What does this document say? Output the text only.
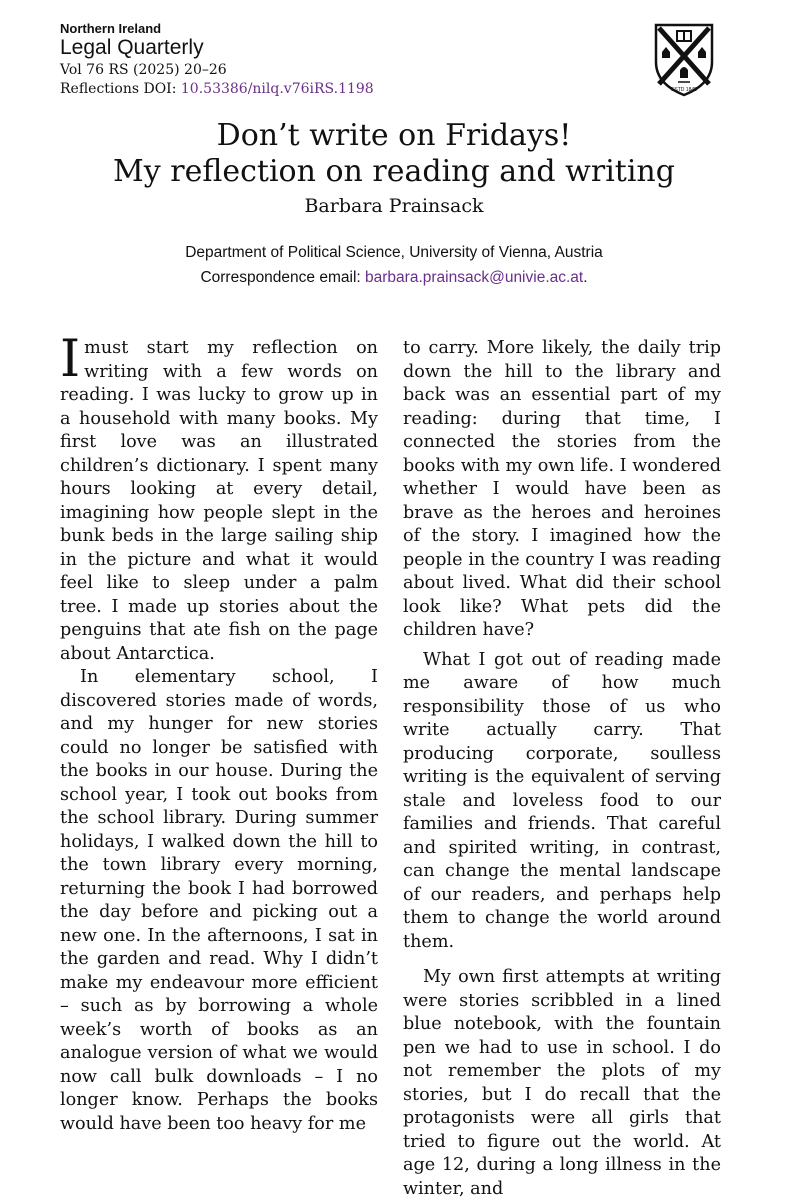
Northern Ireland
Legal Quarterly
Vol 76 RS (2025) 20–26
Reflections DOI: 10.53386/nilq.v76iRS.1198	ESTD 1845
Don’t write on Fridays!
My reflection on reading and writing
Barbara Prainsack
Department of Political Science, University of Vienna, Austria
Correspondence email: barbara.prainsack@univie.ac.at.

Imust start my reflection on writing with a few words on reading. I was lucky to grow up in a household with many books. My first love was an illustrated children’s dictionary. I spent many hours looking at every detail, imagining how people slept in the bunk beds in the large sailing ship in the picture and what it would feel like to sleep under a palm tree. I made up stories about the penguins that ate fish on the page about Antarctica.

In elementary school, I discovered stories made of words, and my hunger for new stories could no longer be satisfied with the books in our house. During the school year, I took out books from the school library. During summer holidays, I walked down the hill to the town library every morning, returning the book I had borrowed the day before and picking out a new one. In the afternoons, I sat in the garden and read. Why I didn’t make my endeavour more efficient – such as by borrowing a whole week’s worth of books as an analogue version of what we would now call bulk downloads – I no longer know. Perhaps the books would have been too heavy for me

to carry. More likely, the daily trip down the hill to the library and back was an essential part of my reading: during that time, I connected the stories from the books with my own life. I wondered whether I would have been as brave as the heroes and heroines of the story. I imagined how the people in the country I was reading about lived. What did their school look like? What pets did the children have?

What I got out of reading made me aware of how much responsibility those of us who write actually carry. That producing corporate, soulless writing is the equivalent of serving stale and loveless food to our families and friends. That careful and spirited writing, in contrast, can change the mental landscape of our readers, and perhaps help them to change the world around them.

My own first attempts at writing were stories scribbled in a lined blue notebook, with the fountain pen we had to use in school. I do not remember the plots of my stories, but I do recall that the protagonists were all girls that tried to figure out the world. At age 12, during a long illness in the winter, and
